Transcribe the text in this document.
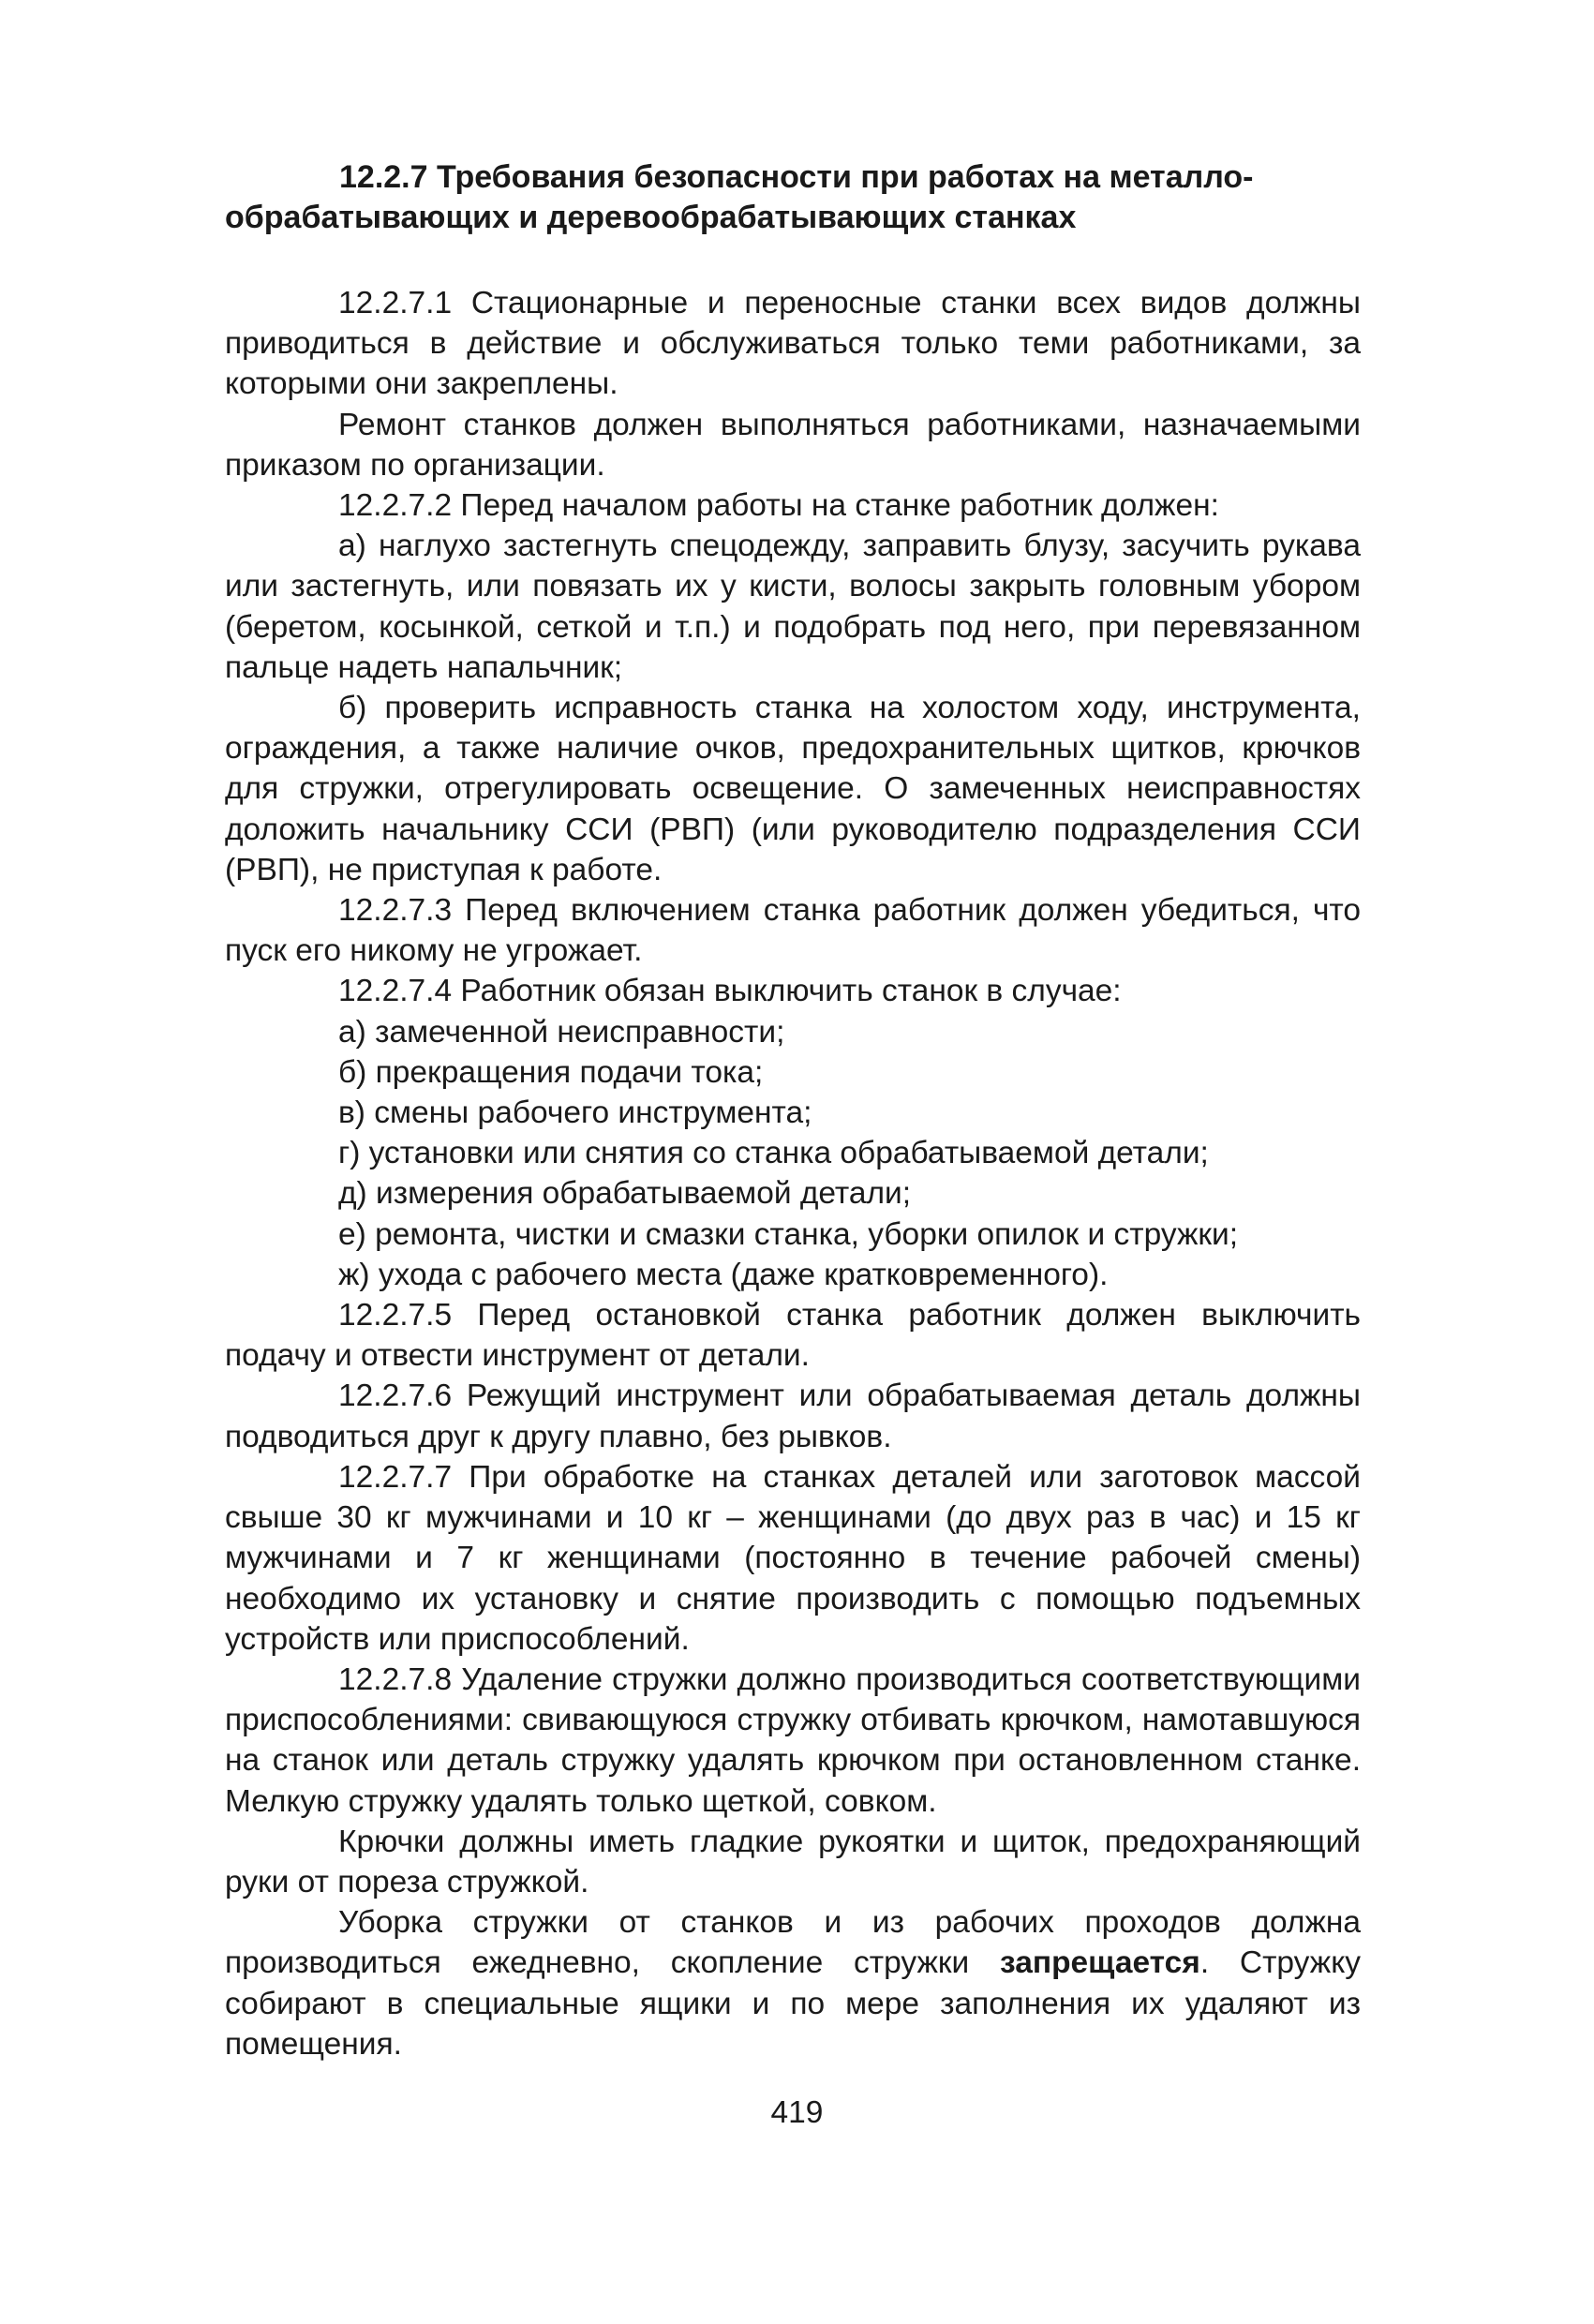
12.2.7 Требования безопасности при работах на металло-
обрабатывающих и деревообрабатывающих станках

12.2.7.1 Стационарные и переносные станки всех видов должны приводиться в действие и обслуживаться только теми работниками, за которыми они закреплены.

Ремонт станков должен выполняться работниками, назначаемыми приказом по организации.

12.2.7.2 Перед началом работы на станке работник должен:

а) наглухо застегнуть спецодежду, заправить блузу, засучить рукава или застегнуть, или повязать их у кисти, волосы закрыть головным убором (беретом, косынкой, сеткой и т.п.) и подобрать под него, при перевязанном пальце надеть напальчник;

б) проверить исправность станка на холостом ходу, инструмента, ограждения, а также наличие очков, предохранительных щитков, крючков для стружки, отрегулировать освещение. О замеченных неисправностях доложить начальнику ССИ (РВП) (или руководителю подразделения ССИ (РВП), не приступая к работе.

12.2.7.3 Перед включением станка работник должен убедиться, что пуск его никому не угрожает.

12.2.7.4 Работник обязан выключить станок в случае:

а) замеченной неисправности;

б) прекращения подачи тока;

в) смены рабочего инструмента;

г) установки или снятия со станка обрабатываемой детали;

д) измерения обрабатываемой детали;

е) ремонта, чистки и смазки станка, уборки опилок и стружки;

ж) ухода с рабочего места (даже кратковременного).

12.2.7.5 Перед остановкой станка работник должен выключить подачу и отвести инструмент от детали.

12.2.7.6 Режущий инструмент или обрабатываемая деталь должны подводиться друг к другу плавно, без рывков.

12.2.7.7 При обработке на станках деталей или заготовок массой свыше 30 кг мужчинами и 10 кг – женщинами (до двух раз в час) и 15 кг мужчинами и 7 кг женщинами (постоянно в течение рабочей смены) необходимо их установку и снятие производить с помощью подъемных устройств или приспособлений.

12.2.7.8 Удаление стружки должно производиться соответствующими приспособлениями: свивающуюся стружку отбивать крючком, намотавшуюся на станок или деталь стружку удалять крючком при остановленном станке. Мелкую стружку удалять только щеткой, совком.

Крючки должны иметь гладкие рукоятки и щиток, предохраняющий руки от пореза стружкой.

Уборка стружки от станков и из рабочих проходов должна производиться ежедневно, скопление стружки запрещается. Стружку собирают в специальные ящики и по мере заполнения их удаляют из помещения.

419
